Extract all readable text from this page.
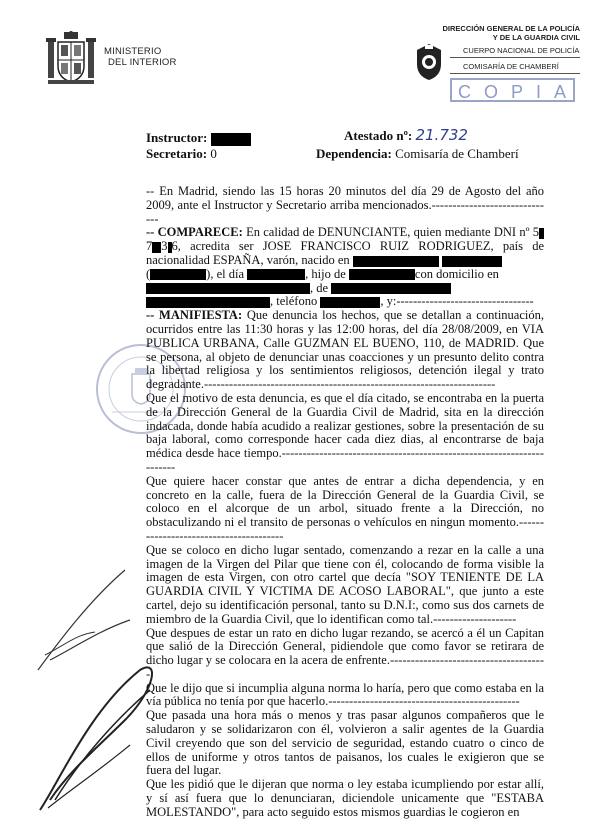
MINISTERIO
DEL INTERIOR
DIRECCIÓN GENERAL DE LA POLICÍA
Y DE LA GUARDIA CIVIL
CUERPO NACIONAL DE POLICÍA
COMISARÍA DE CHAMBERÍ
COPIA
Instructor:
Secretario: 0
Atestado nº: 21.732
Dependencia: Comisaría de Chamberí

-- En Madrid, siendo las 15 horas 20 minutos del día 29 de Agosto del año 2009, ante el Instructor y Secretario arriba mencionados.------------------------------

-- COMPARECE: En calidad de DENUNCIANTE, quien mediante DNI nº 57 3 6, acredita ser JOSE FRANCISCO RUIZ RODRIGUEZ, país de nacionalidad ESPAÑA, varón, nacido en
(	), el día	, hijo de	con domicilio en
, de
, teléfono	, y:---------------------------------

-- MANIFIESTA: Que denuncia los hechos, que se detallan a continuación, ocurridos entre las 11:30 horas y las 12:00 horas, del día 28/08/2009, en VIA PUBLICA URBANA, Calle GUZMAN EL BUENO, 110, de MADRID. Que se persona, al objeto de denunciar unas coacciones y un presunto delito contra la libertad religiosa y los sentimientos religiosos, detención ilegal y trato degradante.----------------------------------------------------------------------

Que el motivo de esta denuncia, es que el día citado, se encontraba en la puerta de la Dirección General de la Guardia Civil de Madrid, sita en la dirección indacada, donde había acudido a realizar gestiones, sobre la presentación de su baja laboral, como corresponde hacer cada diez dias, al encontrarse de baja médica desde hace tiempo.----------------------------------------------------------------------

Que quiere hacer constar que antes de entrar a dicha dependencia, y en concreto en la calle, fuera de la Dirección General de la Guardia Civil, se coloco en el alcorque de un arbol, situado frente a la Dirección, no obstaculizando ni el transito de personas o vehículos en ningun momento.---------------------------------------

Que se coloco en dicho lugar sentado, comenzando a rezar en la calle a una imagen de la Virgen del Pilar que tiene con él, colocando de forma visible la imagen de esta Virgen, con otro cartel que decía "SOY TENIENTE DE LA GUARDIA CIVIL Y VICTIMA DE ACOSO LABORAL", que junto a este cartel, dejo su identificación personal, tanto su D.N.I:, como sus dos carnets de miembro de la Guardia Civil, que lo identifican como tal.--------------------

Que despues de estar un rato en dicho lugar rezando, se acercó a él un Capitan que salió de la Dirección General, pidiendole que como favor se retirara de dicho lugar y se colocara en la acera de enfrente.--------------------------------------

Que le dijo que si incumplia alguna norma lo haría, pero que como estaba en la vía pública no tenía por que hacerlo.----------------------------------------------

Que pasada una hora más o menos y tras pasar algunos compañeros que le saludaron y se solidarizaron con él, volvieron a salir agentes de la Guardia Civil creyendo que son del servicio de seguridad, estando cuatro o cinco de ellos de uniforme y otros tantos de paisanos, los cuales le exigieron que se fuera del lugar.

Que les pidió que le dijeran que norma o ley estaba icumpliendo por estar allí, y sí así fuera que lo denunciaran, diciendole unicamente que "ESTABA MOLESTANDO", para acto seguido estos mismos guardias le cogieron en
